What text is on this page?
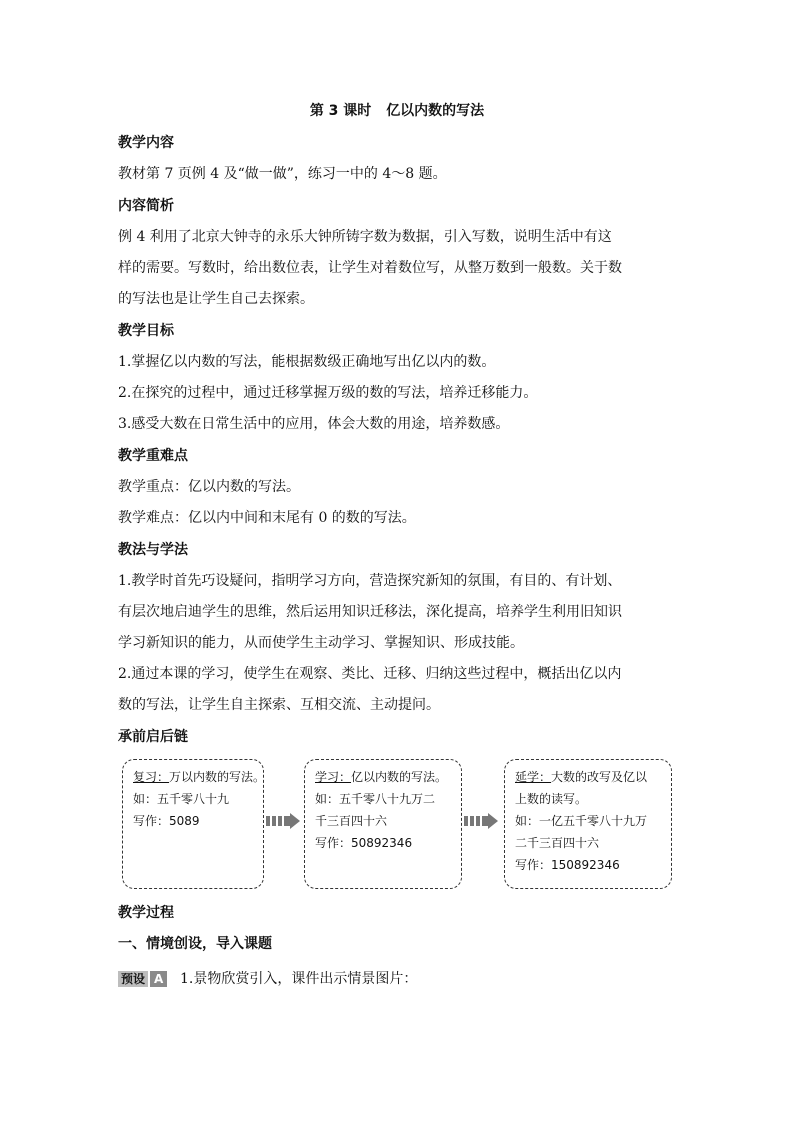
第 3 课时 亿以内数的写法
教学内容
教材第 7 页例 4 及“做一做”，练习一中的 4～8 题。
内容简析
例 4 利用了北京大钟寺的永乐大钟所铸字数为数据，引入写数，说明生活中有这
样的需要。写数时，给出数位表，让学生对着数位写，从整万数到一般数。关于数
的写法也是让学生自己去探索。
教学目标
1.掌握亿以内数的写法，能根据数级正确地写出亿以内的数。
2.在探究的过程中，通过迁移掌握万级的数的写法，培养迁移能力。
3.感受大数在日常生活中的应用，体会大数的用途，培养数感。
教学重难点
教学重点：亿以内数的写法。
教学难点：亿以内中间和末尾有 0 的数的写法。
教法与学法
1.教学时首先巧设疑问，指明学习方向，营造探究新知的氛围，有目的、有计划、
有层次地启迪学生的思维，然后运用知识迁移法，深化提高，培养学生利用旧知识
学习新知识的能力，从而使学生主动学习、掌握知识、形成技能。
2.通过本课的学习，使学生在观察、类比、迁移、归纳这些过程中，概括出亿以内
数的写法，让学生自主探索、互相交流、主动提问。
承前启后链
复习：万以内数的写法。
如：五千零八十九
写作：5089
学习：亿以内数的写法。
如：五千零八十九万二
千三百四十六
写作：50892346
延学：大数的改写及亿以
上数的读写。
如：一亿五千零八十九万
二千三百四十六
写作：150892346
教学过程
一、情境创设，导入课题
预设 A 1.景物欣赏引入，课件出示情景图片：
